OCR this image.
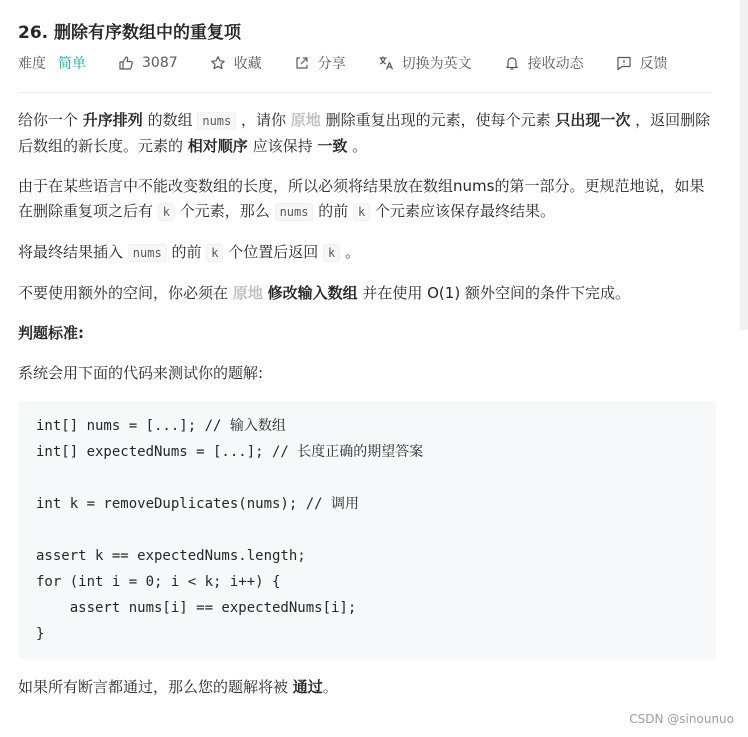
26. 删除有序数组中的重复项
难度 简单	3087	收藏	分享	切换为英文	接收动态	反馈

给你一个 升序排列 的数组 nums ，请你 原地 删除重复出现的元素，使每个元素 只出现一次 ，返回删除后数组的新长度。元素的 相对顺序 应该保持 一致 。

由于在某些语言中不能改变数组的长度，所以必须将结果放在数组nums的第一部分。更规范地说，如果在删除重复项之后有 k 个元素，那么 nums 的前 k 个元素应该保存最终结果。

将最终结果插入 nums 的前 k 个位置后返回 k 。

不要使用额外的空间，你必须在 原地 修改输入数组 并在使用 O(1) 额外空间的条件下完成。

判题标准:

系统会用下面的代码来测试你的题解:

int[] nums = [...]; // 输入数组
int[] expectedNums = [...]; // 长度正确的期望答案
int k = removeDuplicates(nums); // 调用
assert k == expectedNums.length;
for (int i = 0; i < k; i++) {
assert nums[i] == expectedNums[i];
}

如果所有断言都通过，那么您的题解将被 通过。

CSDN @sinounuo
